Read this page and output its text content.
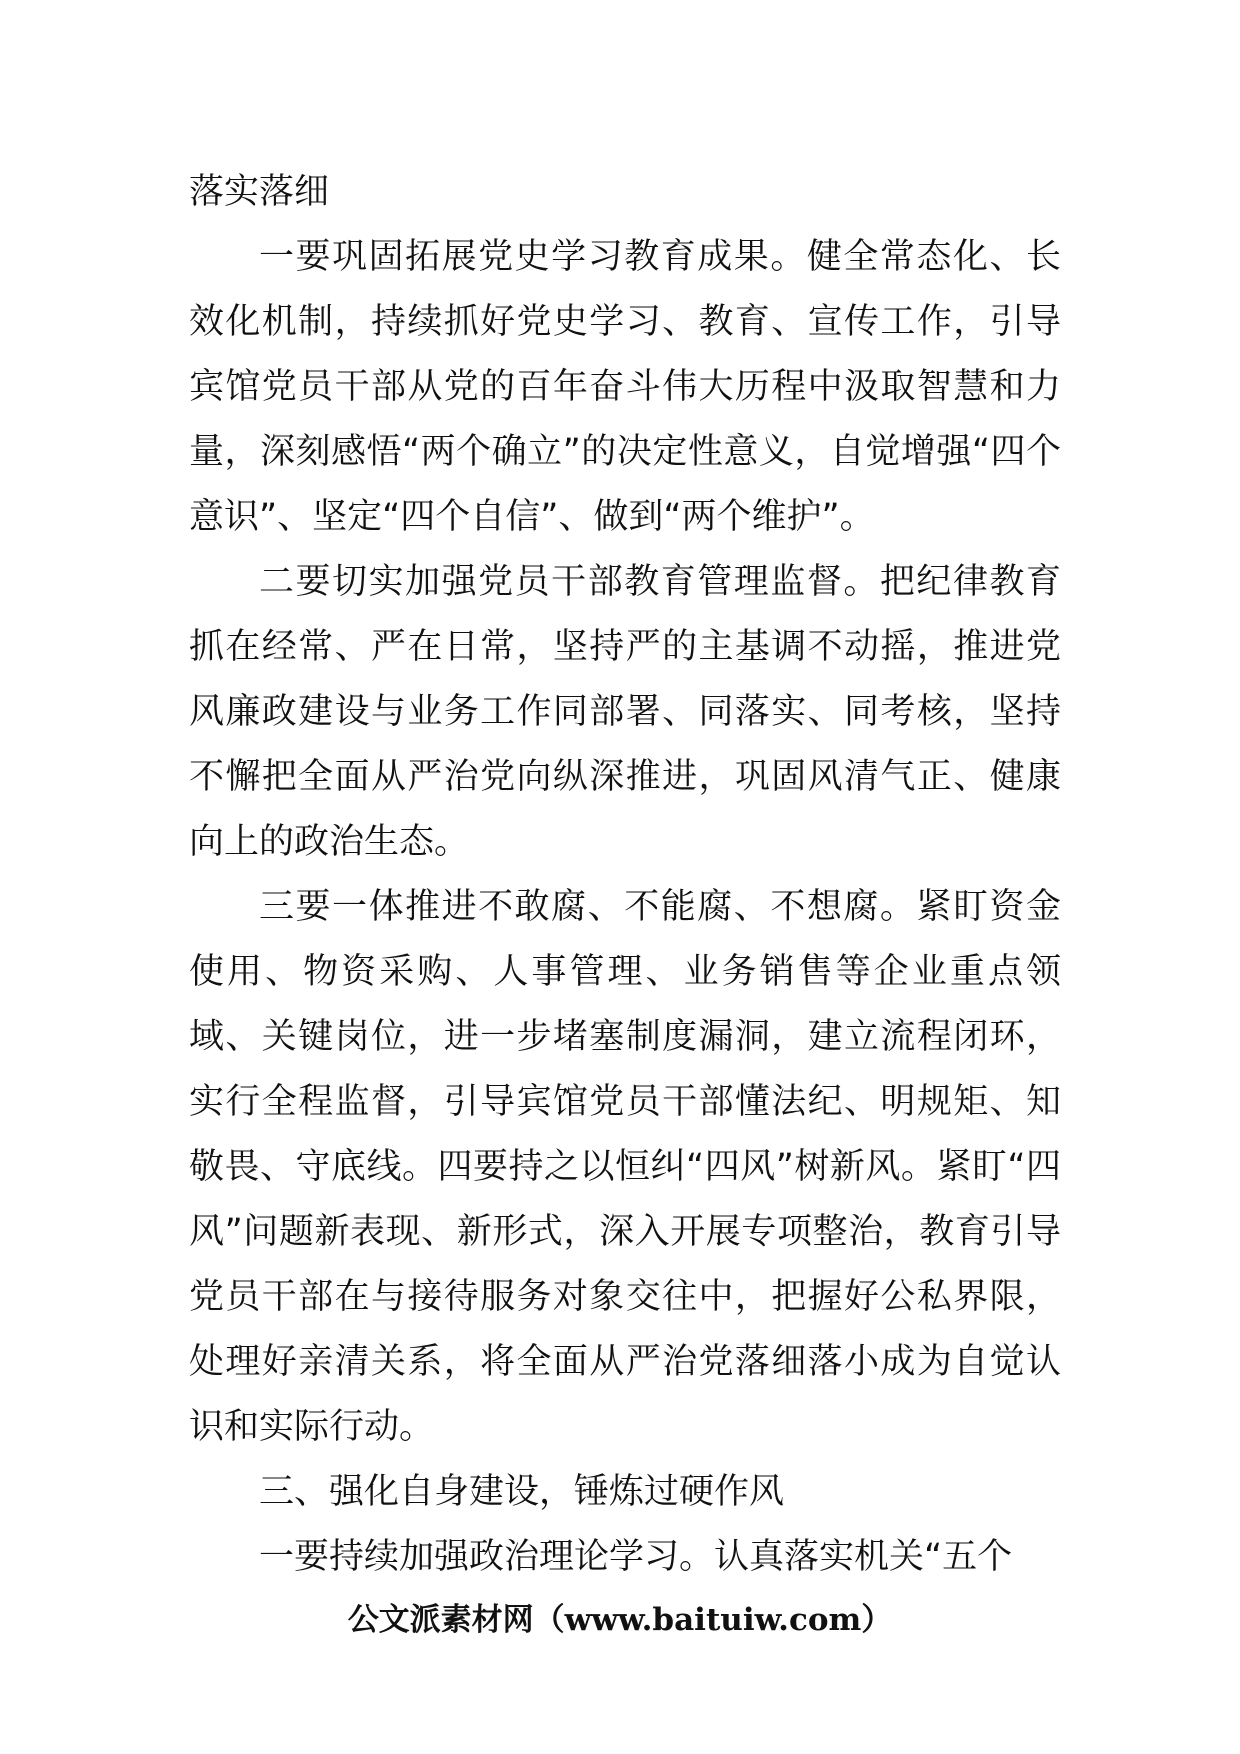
落实落细

一要巩固拓展党史学习教育成果。健全常态化、长效化机制，持续抓好党史学习、教育、宣传工作，引导宾馆党员干部从党的百年奋斗伟大历程中汲取智慧和力量，深刻感悟“两个确立”的决定性意义，自觉增强“四个意识”、坚定“四个自信”、做到“两个维护”。

二要切实加强党员干部教育管理监督。把纪律教育抓在经常、严在日常，坚持严的主基调不动摇，推进党风廉政建设与业务工作同部署、同落实、同考核，坚持不懈把全面从严治党向纵深推进，巩固风清气正、健康向上的政治生态。

三要一体推进不敢腐、不能腐、不想腐。紧盯资金使用、物资采购、人事管理、业务销售等企业重点领域、关键岗位，进一步堵塞制度漏洞，建立流程闭环，实行全程监督，引导宾馆党员干部懂法纪、明规矩、知敬畏、守底线。四要持之以恒纠“四风”树新风。紧盯“四风”问题新表现、新形式，深入开展专项整治，教育引导党员干部在与接待服务对象交往中，把握好公私界限，处理好亲清关系，将全面从严治党落细落小成为自觉认识和实际行动。

三、强化自身建设，锤炼过硬作风

一要持续加强政治理论学习。认真落实机关“五个

公文派素材网（www.baituiw.com）
